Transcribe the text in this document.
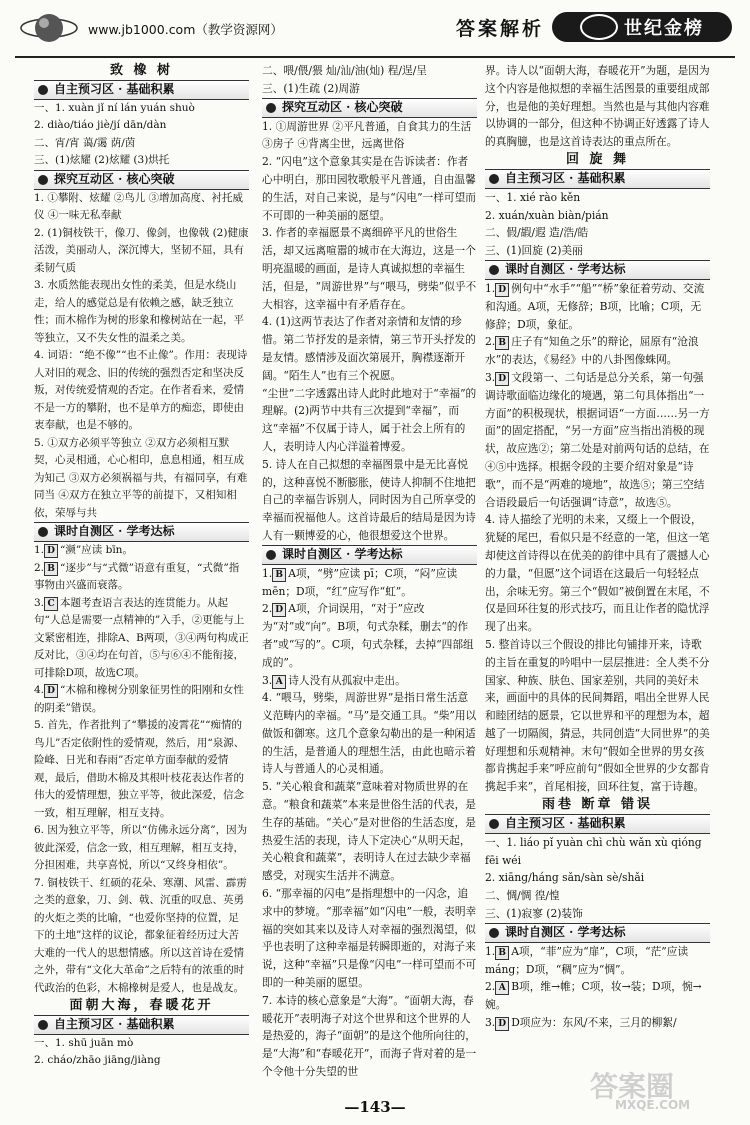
www.jb1000.com（教学资源网）	答案解析	世纪金榜
致 橡 树
自主预习区 · 基础积累
一、1. xuàn jǐ ní lán yuán shuò
2. diào/tiáo jiè/jí dān/dàn
二、宵/宵 蔼/霭 荫/茵
三、(1)炫耀 (2)炫耀 (3)烘托
探究互动区 · 核心突破
1. ①攀附、炫耀 ②鸟儿 ③增加高度、衬托威仪 ④一味无私奉献
2. (1)铜枝铁干，像刀、像剑，也像戟 (2)健康活泼，美丽动人，深沉博大，坚韧不屈，具有柔韧气质
3. 水质然能表现出女性的柔美，但是水绕山走，给人的感觉总是有依赖之感，缺乏独立性；而木棉作为树的形象和橡树站在一起，平等独立，又不失女性的温柔之美。
4. 词语：“绝不像”“也不止像”。作用：表现诗人对旧的观念、旧的传统的强烈否定和坚决反叛，对传统爱情观的否定。在作者看来，爱情不是一方的攀附，也不是单方的痴恋，即使由衷奉献，也是不够的。
5. ①双方必须平等独立 ②双方必须相互默契，心灵相通，心心相印，息息相通，相互成为知己 ③双方必须祸福与共，有福同享，有难同当 ④双方在独立平等的前提下，又相知相依，荣辱与共
课时自测区 · 学考达标
1. D “濒”应读 bīn。
2. B “逐步”与“式微”语意有重复，“式微”指事物由兴盛而衰落。
3. C 本题考查语言表达的连贯能力。从起句“人总是需要一点精神的”入手，②更能与上文紧密相连，排除A、B两项，③④两句构成正反对比，③④均在句首，⑤与⑥④不能衔接，可排除D项，故选C项。
4. D “木棉和橡树分别象征男性的阳刚和女性的阴柔”错误。
5. 首先，作者批判了“攀援的凌霄花”“痴情的鸟儿”否定依附性的爱情观，然后，用“泉源、险峰、日光和春雨”否定单方面奉献的爱情观，最后，借助木棉及其根叶枝花表达作者的伟大的爱情理想，独立平等，彼此深爱，信念一致，相互理解，相互支持。
6. 因为独立平等，所以“仿佛永远分离”，因为彼此深爱，信念一致，相互理解，相互支持，分担困难，共享喜悦，所以“又终身相依”。
7. 铜枝铁干、红硕的花朵、寒潮、风雷、霹雳之类的意象，刀、剑、戟、沉重的叹息、英勇的火炬之类的比喻，“也爱你坚持的位置，足下的土地”这样的议论，都象征着经历过大苦大难的一代人的思想情感。所以这首诗在爱情之外，带有“文化大革命”之后特有的浓重的时代政治的色彩，木棉橡树是爱人，也是战友。
面朝大海，春暖花开
自主预习区 · 基础积累
一、1. shū juān mò
2. cháo/zhāo jiāng/jiàng
二、喂/偎/猥 灿/汕/油(灿) 程/逞/呈
三、(1)生疏 (2)周游
探究互动区 · 核心突破
1. ①周游世界 ②平凡普通，自食其力的生活 ③房子 ④背离尘世，远离世俗
2. “闪电”这个意象其实是在告诉读者：作者心中明白，那田园牧歌般平凡普通，自由温馨的生活，对自己来说，是与“闪电”一样可望而不可即的一种美丽的愿望。
3. 作者的幸福愿景不离细碎平凡的世俗生活，却又远离喧嚣的城市在大海边，这是一个明亮温暖的画面，是诗人真诚拟想的幸福生活，但是，“周游世界”与“喂马，劈柴”似乎不大相容，这幸福中有矛盾存在。
4. (1)这两节表达了作者对亲情和友情的珍惜。第二节抒发的是亲情，第三节开头抒发的是友情。感情涉及面次第展开，胸襟逐渐开阔。“陌生人”也有三个祝愿。
“尘世”二字透露出诗人此时此地对于“幸福”的理解。(2)两节中共有三次提到“幸福”，而这“幸福”不仅属于诗人，属于社会上所有的人，表明诗人内心洋溢着博爱。
5. 诗人在自己拟想的幸福图景中是无比喜悦的，这种喜悦不断膨胀，使诗人抑制不住地把自己的幸福告诉别人，同时因为自己所享受的幸福而祝福他人。这首诗最后的结局是因为诗人有一颗博爱的心，他很想爱这个世界。
课时自测区 · 学考达标
1. B A项，“劈”应读 pī；C项，“闷”应读 mēn；D项，“红”应写作“虹”。
2. D A项，介词误用，“对于”应改为“对”或“向”。B项，句式杂糅，删去“的作者”或“写的”。C项，句式杂糅，去掉“四部组成的”。
3. A 诗人没有从孤寂中走出。
4. “喂马，劈柴，周游世界”是指日常生活意义范畴内的幸福。“马”是交通工具。“柴”用以做饭和御寒。这几个意象勾勒出的是一种闲适的生活，是普通人的理想生活，由此也暗示着诗人与普通人的心灵相通。
5. “关心粮食和蔬菜”意味着对物质世界的在意。“粮食和蔬菜”本来是世俗生活的代表，是生存的基础。“关心”是对世俗的生活态度，是热爱生活的表现，诗人下定决心“从明天起，关心粮食和蔬菜”，表明诗人在过去缺少幸福感受，对现实生活并不满意。
6. “那幸福的闪电”是指理想中的一闪念，追求中的梦境。“那幸福”如“闪电”一般，表明幸福的突如其来以及诗人对幸福的强烈渴望，似乎也表明了这种幸福是转瞬即逝的，对海子来说，这种“幸福”只是像“闪电”一样可望而不可即的一种美丽的愿望。
7. 本诗的核心意象是“大海”。“面朝大海，春暖花开”表明海子对这个世界和这个世界的人是热爱的，海子“面朝”的是这个他所向往的，是“大海”和“春暖花开”，而海子背对着的是一个令他十分失望的世
界。诗人以“面朝大海，春暖花开”为题，是因为这个内容是他拟想的幸福生活图景的重要组成部分，也是他的美好理想。当然也是与其他内容难以协调的一部分，但这种不协调正好透露了诗人的真胸臆，也是这首诗表达的重点所在。
回 旋 舞
自主预习区 · 基础积累
一、1. xié rào kěn
2. xuán/xuàn biàn/pián
二、假/嘏/遐 造/浩/皓
三、(1)回旋 (2)美丽
课时自测区 · 学考达标
1. D 例句中“水手”“船”“桥”象征着劳动、交流和沟通。A项，无修辞；B项，比喻；C项，无修辞；D项，象征。
2. B 庄子有“知鱼之乐”的辩论，屈原有“沧浪水”的表达，《易经》中的八卦图像蛛网。
3. D 文段第一、二句话是总分关系，第一句强调诗歌面临边缘化的境遇，第二句具体指出“一方面”的积极现状，根据词语“一方面……另一方面”的固定搭配，“另一方面”应当指出消极的现状，故应选②；第二处是对前两句话的总结，在④⑤中选择。根据令段的主要介绍对象是“诗歌”，而不是“两难的境地”，故选⑤；第三空结合语段最后一句话强调“诗意”，故选⑤。
4. 诗人描绘了光明的未来，又缀上一个假设，犹疑的尾巴，看似只是不经意的一笔，但这一笔却使这首诗得以在优美的韵律中具有了震撼人心的力量，“但愿”这个词语在这最后一句轻轻点出，余味无穷。第三个“假如”被倒置在末尾，不仅是回环往复的形式技巧，而且让作者的隐忧浮现了出来。
5. 整首诗以三个假设的排比句铺排开来，诗歌的主旨在重复的吟唱中一层层推进：全人类不分国家、种族、肤色、国家差别，共同的美好未来，画面中的具体的民间舞蹈，唱出全世界人民和睦团结的愿景，它以世界和平的理想为本，超越了一切隔阂，猜忌，共同创造“大同世界”的美好理想和乐观精神。末句“假如全世界的男女孩都肯携起手来”呼应前句“假如全世界的少女都肯携起手来”，首尾相接，回环往复，富于诗趣。
雨巷 断章 错误
自主预习区 · 基础积累
一、1. liáo pǐ yuàn chì chù wǎn xù qióng fēi wéi
2. xiāng/háng sǎn/sàn sè/shǎi
二、惆/惆 徨/惶
三、(1)寂寥 (2)装饰
课时自测区 · 学考达标
1. B A项，“菲”应为“扉”，C项，“茫”应读 máng；D项，“稠”应为“惆”。
2. A B项，维→帷；C项，妆→装；D项，惋→婉。
3. D D项应为：东风/不来，三月的柳絮/
—143—
答案圈
MXQE.COM
